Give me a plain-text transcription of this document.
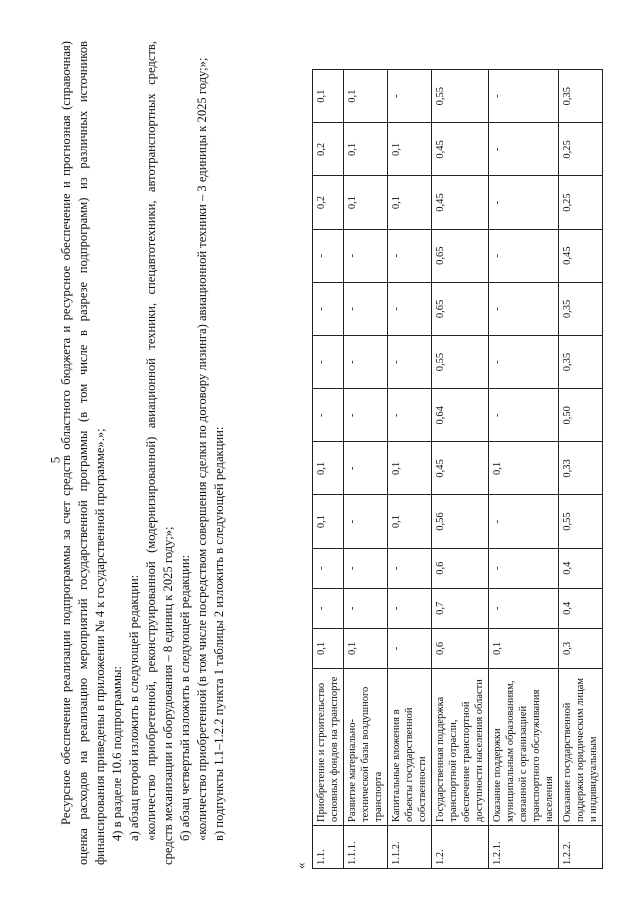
5

Ресурсное обеспечение реализации подпрограммы за счет средств областного бюджета и ресурсное обеспечение и прогнозная (справочная) оценка расходов на реализацию мероприятий государственной программы (в том числе в разрезе подпрограмм) из различных источников финансирования приведены в приложении № 4 к государственной программе».»; 4) в разделе 10.6 подпрограммы: а) абзац второй изложить в следующей редакции: «количество приобретенной, реконструированной (модернизированной) авиационной техники, спецавтотехники, автотранспортных средств, средств механизации и оборудования – 8 единиц к 2025 году;»; б) абзац четвертый изложить в следующей редакции: «количество приобретенной (в том числе посредством совершения сделки по договору лизинга) авиационной техники – 3 единицы к 2025 году;»; в) подпункты 1.1–1.2.2 пункта 1 таблицы 2 изложить в следующей редакции:

«
1.1.	Приобретение и строительство основных фондов на транспорте	0,1	-	-	0,1	0,1	-	-	-	-	0,2	0,2	0,1
1.1.1.	Развитие материально-технической базы воздушного транспорта	0,1	-	-	-	-	-	-	-	-	0,1	0,1	0,1
1.1.2.	Капитальные вложения в объекты государственной собственности	-	-	-	0,1	0,1	-	-	-	-	0,1	0,1	-
1.2.	Государственная поддержка транспортной отрасли, обеспечение транспортной доступности населения области	0,6	0,7	0,6	0,56	0,45	0,64	0,55	0,65	0,65	0,45	0,45	0,55
1.2.1.	Оказание поддержки муниципальным образованиям, связанной с организацией транспортного обслуживания населения	0,1	-	-	-	0,1	-	-	-	-	-	-	-
1.2.2.	Оказание государственной поддержки юридическим лицам и индивидуальным	0,3	0,4	0,4	0,55	0,33	0,50	0,35	0,35	0,45	0,25	0,25	0,35
